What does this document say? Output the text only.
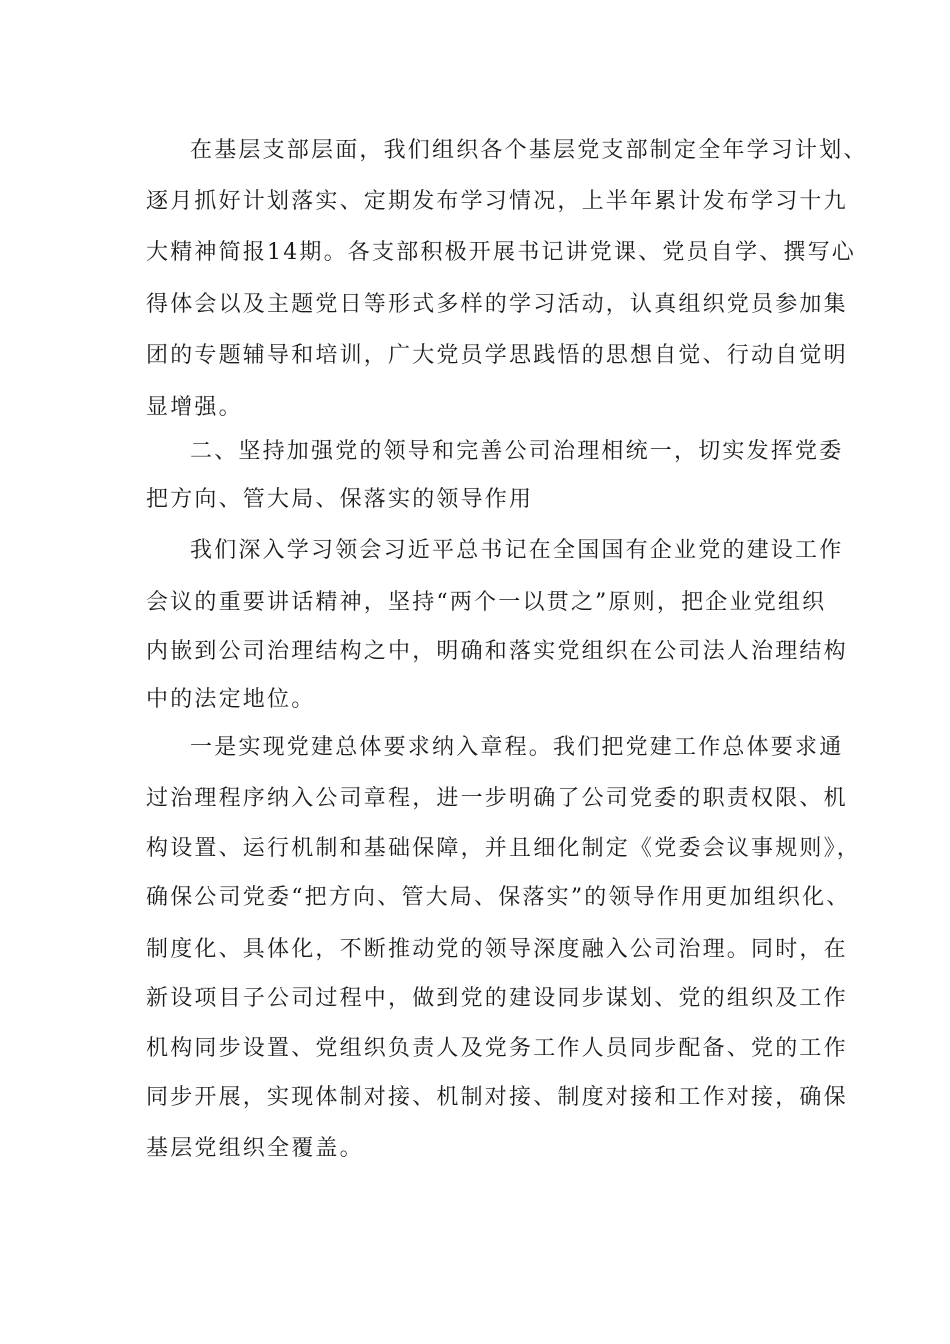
在基层支部层面，我们组织各个基层党支部制定全年学习计划、

逐月抓好计划落实、定期发布学习情况，上半年累计发布学习十九

大精神简报14期。各支部积极开展书记讲党课、党员自学、撰写心

得体会以及主题党日等形式多样的学习活动，认真组织党员参加集

团的专题辅导和培训，广大党员学思践悟的思想自觉、行动自觉明

显增强。

二、坚持加强党的领导和完善公司治理相统一，切实发挥党委

把方向、管大局、保落实的领导作用

我们深入学习领会习近平总书记在全国国有企业党的建设工作

会议的重要讲话精神，坚持“两个一以贯之”原则，把企业党组织

内嵌到公司治理结构之中，明确和落实党组织在公司法人治理结构

中的法定地位。

一是实现党建总体要求纳入章程。我们把党建工作总体要求通

过治理程序纳入公司章程，进一步明确了公司党委的职责权限、机

构设置、运行机制和基础保障，并且细化制定《党委会议事规则》，

确保公司党委“把方向、管大局、保落实”的领导作用更加组织化、

制度化、具体化，不断推动党的领导深度融入公司治理。同时，在

新设项目子公司过程中，做到党的建设同步谋划、党的组织及工作

机构同步设置、党组织负责人及党务工作人员同步配备、党的工作

同步开展，实现体制对接、机制对接、制度对接和工作对接，确保

基层党组织全覆盖。
